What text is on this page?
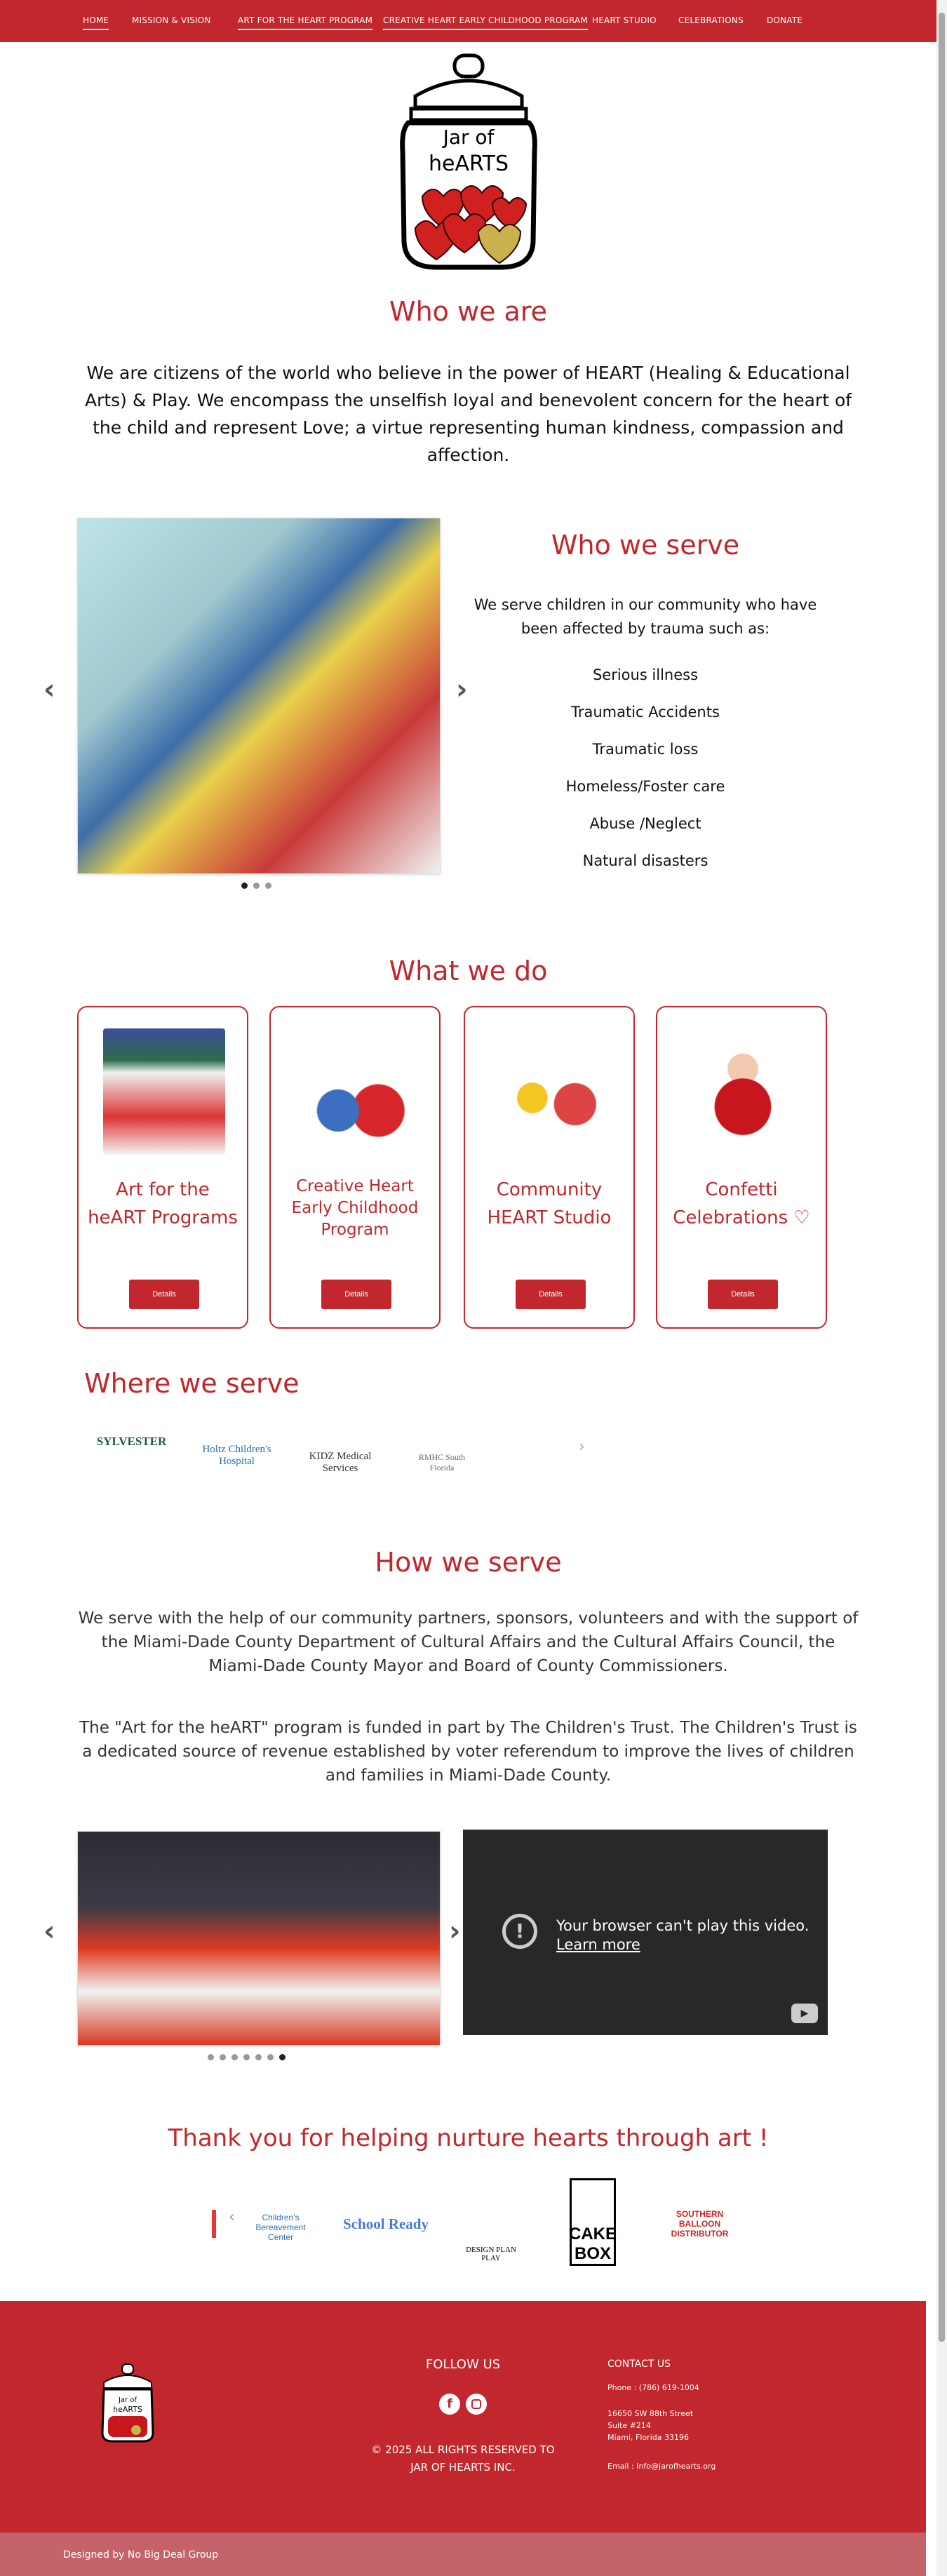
HOME	MISSION & VISION	ART FOR THE HEART PROGRAM CREATIVE HEART EARLY CHILDHOOD PROGRAM HEART STUDIO	CELEBRATIONS	DONATE
Jar of
heARTS
Who we are

We are citizens of the world who believe in the power of HEART (Healing & Educational Arts) & Play. We encompass the unselfish loyal and benevolent concern for the heart of the child and represent Love; a virtue representing human kindness, compassion and affection.

‹	›
Who we serve

We serve children in our community who have been affected by trauma such as:

Serious illness
Traumatic Accidents
Traumatic loss
Homeless/Foster care
Abuse /Neglect
Natural disasters
What we do
Art for the heART Programs
Details
Creative Heart Early Childhood Program
Details
Community HEART Studio
Details
Confetti Celebrations ♡
Details
Where we serve
SYLVESTER
Holtz Children's Hospital	KIDZ Medical Services
RMHC South Florida
›
How we serve

We serve with the help of our community partners, sponsors, volunteers and with the support of the Miami-Dade County Department of Cultural Affairs and the Cultural Affairs Council, the Miami-Dade County Mayor and Board of County Commissioners.

The "Art for the heART" program is funded in part by The Children's Trust. The Children's Trust is a dedicated source of revenue established by voter referendum to improve the lives of children and families in Miami-Dade County.

‹	!	Your browser can't play this video.
Learn more
▶
›
Thank you for helping nurture hearts through art !
‹	Children's Bereavement Center
School Ready
DESIGN PLAN PLAY
CAKE BOX
SOUTHERN BALLOON DISTRIBUTOR
Jar of
heARTS
FOLLOW US
f
© 2025 ALL RIGHTS RESERVED TO
JAR OF HEARTS INC.
CONTACT US
Phone : (786) 619-1004
16650 SW 88th Street
Suite #214
Miami, Florida 33196
Email : Info@jarofhearts.org
Designed by No Big Deal Group
